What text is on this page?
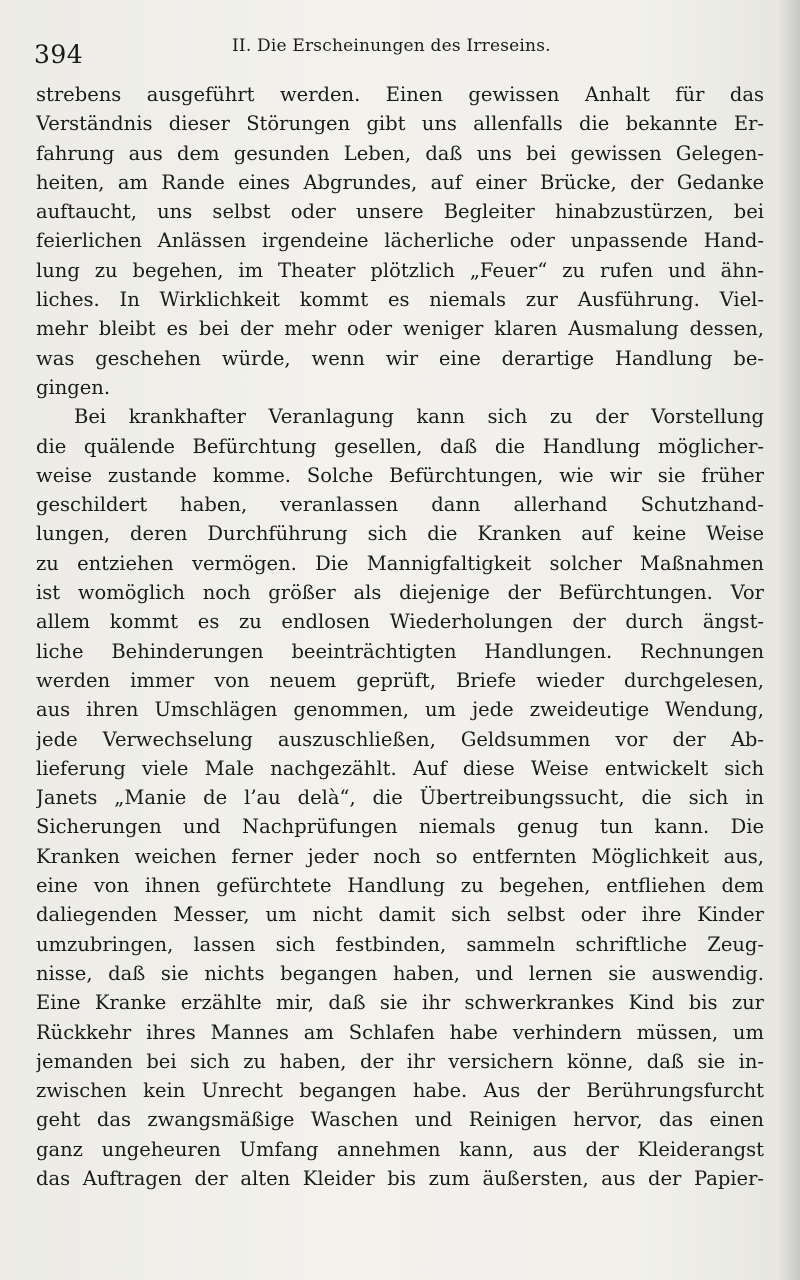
394	II. Die Erscheinungen des Irreseins.
strebens ausgeführt werden. Einen gewissen Anhalt für das
Verständnis dieser Störungen gibt uns allenfalls die bekannte Er-
fahrung aus dem gesunden Leben, daß uns bei gewissen Gelegen-
heiten, am Rande eines Abgrundes, auf einer Brücke, der Gedanke
auftaucht, uns selbst oder unsere Begleiter hinabzustürzen, bei
feierlichen Anlässen irgendeine lächerliche oder unpassende Hand-
lung zu begehen, im Theater plötzlich „Feuer“ zu rufen und ähn-
liches. In Wirklichkeit kommt es niemals zur Ausführung. Viel-
mehr bleibt es bei der mehr oder weniger klaren Ausmalung dessen,
was geschehen würde, wenn wir eine derartige Handlung be-
gingen.
Bei krankhafter Veranlagung kann sich zu der Vorstellung
die quälende Befürchtung gesellen, daß die Handlung möglicher-
weise zustande komme. Solche Befürchtungen, wie wir sie früher
geschildert haben, veranlassen dann allerhand Schutzhand-
lungen, deren Durchführung sich die Kranken auf keine Weise
zu entziehen vermögen. Die Mannigfaltigkeit solcher Maßnahmen
ist womöglich noch größer als diejenige der Befürchtungen. Vor
allem kommt es zu endlosen Wiederholungen der durch ängst-
liche Behinderungen beeinträchtigten Handlungen. Rechnungen
werden immer von neuem geprüft, Briefe wieder durchgelesen,
aus ihren Umschlägen genommen, um jede zweideutige Wendung,
jede Verwechselung auszuschließen, Geldsummen vor der Ab-
lieferung viele Male nachgezählt. Auf diese Weise entwickelt sich
Janets „Manie de l’au delà“, die Übertreibungssucht, die sich in
Sicherungen und Nachprüfungen niemals genug tun kann. Die
Kranken weichen ferner jeder noch so entfernten Möglichkeit aus,
eine von ihnen gefürchtete Handlung zu begehen, entfliehen dem
daliegenden Messer, um nicht damit sich selbst oder ihre Kinder
umzubringen, lassen sich festbinden, sammeln schriftliche Zeug-
nisse, daß sie nichts begangen haben, und lernen sie auswendig.
Eine Kranke erzählte mir, daß sie ihr schwerkrankes Kind bis zur
Rückkehr ihres Mannes am Schlafen habe verhindern müssen, um
jemanden bei sich zu haben, der ihr versichern könne, daß sie in-
zwischen kein Unrecht begangen habe. Aus der Berührungsfurcht
geht das zwangsmäßige Waschen und Reinigen hervor, das einen
ganz ungeheuren Umfang annehmen kann, aus der Kleiderangst
das Auftragen der alten Kleider bis zum äußersten, aus der Papier-
